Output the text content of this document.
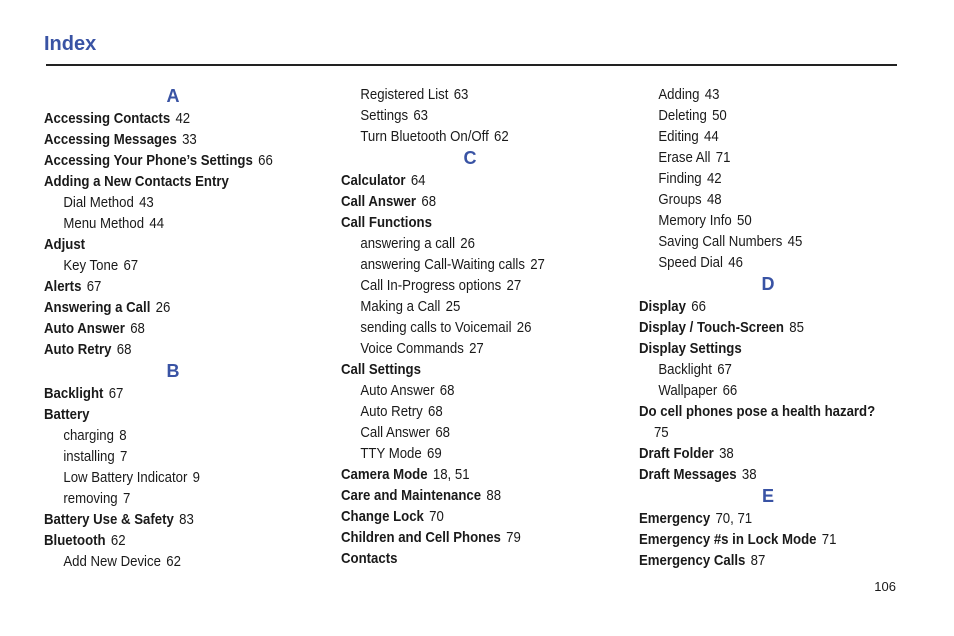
Index
A
Accessing Contacts 42
Accessing Messages 33
Accessing Your Phone’s Settings 66
Adding a New Contacts Entry
Dial Method 43
Menu Method 44
Adjust
Key Tone 67
Alerts 67
Answering a Call 26
Auto Answer 68
Auto Retry 68
B
Backlight 67
Battery
charging 8
installing 7
Low Battery Indicator 9
removing 7
Battery Use & Safety 83
Bluetooth 62
Add New Device 62
Registered List 63
Settings 63
Turn Bluetooth On/Off 62
C
Calculator 64
Call Answer 68
Call Functions
answering a call 26
answering Call-Waiting calls 27
Call In-Progress options 27
Making a Call 25
sending calls to Voicemail 26
Voice Commands 27
Call Settings
Auto Answer 68
Auto Retry 68
Call Answer 68
TTY Mode 69
Camera Mode 18, 51
Care and Maintenance 88
Change Lock 70
Children and Cell Phones 79
Contacts
Adding 43
Deleting 50
Editing 44
Erase All 71
Finding 42
Groups 48
Memory Info 50
Saving Call Numbers 45
Speed Dial 46
D
Display 66
Display / Touch-Screen 85
Display Settings
Backlight 67
Wallpaper 66
Do cell phones pose a health hazard?
75
Draft Folder 38
Draft Messages 38
E
Emergency 70, 71
Emergency #s in Lock Mode 71
Emergency Calls 87
106
